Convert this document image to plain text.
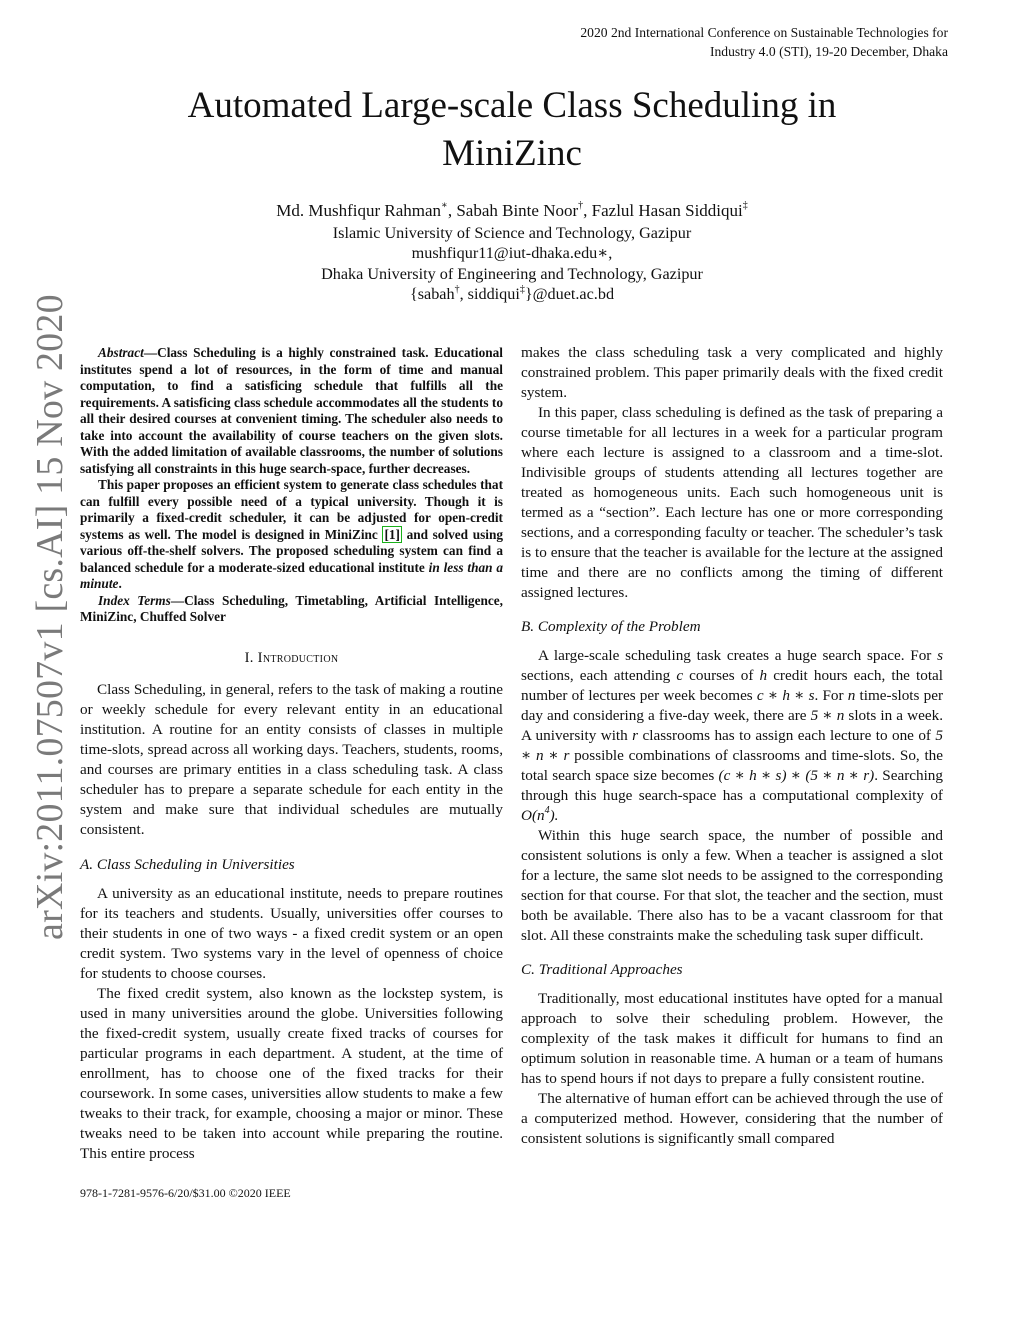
2020 2nd International Conference on Sustainable Technologies for
Industry 4.0 (STI), 19-20 December, Dhaka
Automated Large-scale Class Scheduling in
MiniZinc
Md. Mushfiqur Rahman∗, Sabah Binte Noor†, Fazlul Hasan Siddiqui‡
Islamic University of Science and Technology, Gazipur
mushfiqur11@iut-dhaka.edu∗,
Dhaka University of Engineering and Technology, Gazipur
{sabah†, siddiqui‡}@duet.ac.bd
arXiv:2011.07507v1 [cs.AI] 15 Nov 2020	Abstract—Class Scheduling is a highly constrained task. Educational institutes spend a lot of resources, in the form of time and manual computation, to find a satisficing schedule that fulfills all the requirements. A satisficing class schedule accommodates all the students to all their desired courses at convenient timing. The scheduler also needs to take into account the availability of course teachers on the given slots. With the added limitation of available classrooms, the number of solutions satisfying all constraints in this huge search-space, further decreases.

This paper proposes an efficient system to generate class schedules that can fulfill every possible need of a typical university. Though it is primarily a fixed-credit scheduler, it can be adjusted for open-credit systems as well. The model is designed in MiniZinc [1] and solved using various off-the-shelf solvers. The proposed scheduling system can find a balanced schedule for a moderate-sized educational institute in less than a minute.

Index Terms—Class Scheduling, Timetabling, Artificial Intelligence, MiniZinc, Chuffed Solver

I. Introduction

Class Scheduling, in general, refers to the task of making a routine or weekly schedule for every relevant entity in an educational institution. A routine for an entity consists of classes in multiple time-slots, spread across all working days. Teachers, students, rooms, and courses are primary entities in a class scheduling task. A class scheduler has to prepare a separate schedule for each entity in the system and make sure that individual schedules are mutually consistent.

A. Class Scheduling in Universities

A university as an educational institute, needs to prepare routines for its teachers and students. Usually, universities offer courses to their students in one of two ways - a fixed credit system or an open credit system. Two systems vary in the level of openness of choice for students to choose courses.

The fixed credit system, also known as the lockstep system, is used in many universities around the globe. Universities following the fixed-credit system, usually create fixed tracks of courses for particular programs in each department. A student, at the time of enrollment, has to choose one of the fixed tracks for their coursework. In some cases, universities allow students to make a few tweaks to their track, for example, choosing a major or minor. These tweaks need to be taken into account while preparing the routine. This entire process

makes the class scheduling task a very complicated and highly constrained problem. This paper primarily deals with the fixed credit system.

In this paper, class scheduling is defined as the task of preparing a course timetable for all lectures in a week for a particular program where each lecture is assigned to a classroom and a time-slot. Indivisible groups of students attending all lectures together are treated as homogeneous units. Each such homogeneous unit is termed as a “section”. Each lecture has one or more corresponding sections, and a corresponding faculty or teacher. The scheduler’s task is to ensure that the teacher is available for the lecture at the assigned time and there are no conflicts among the timing of different assigned lectures.

B. Complexity of the Problem

A large-scale scheduling task creates a huge search space. For s sections, each attending c courses of h credit hours each, the total number of lectures per week becomes c ∗ h ∗ s. For n time-slots per day and considering a five-day week, there are 5 ∗ n slots in a week. A university with r classrooms has to assign each lecture to one of 5 ∗ n ∗ r possible combinations of classrooms and time-slots. So, the total search space size becomes (c ∗ h ∗ s) ∗ (5 ∗ n ∗ r). Searching through this huge search-space has a computational complexity of $O(n^4)$.

Within this huge search space, the number of possible and consistent solutions is only a few. When a teacher is assigned a slot for a lecture, the same slot needs to be assigned to the corresponding section for that course. For that slot, the teacher and the section, must both be available. There also has to be a vacant classroom for that slot. All these constraints make the scheduling task super difficult.

C. Traditional Approaches

Traditionally, most educational institutes have opted for a manual approach to solve their scheduling problem. However, the complexity of the task makes it difficult for humans to find an optimum solution in reasonable time. A human or a team of humans has to spend hours if not days to prepare a fully consistent routine.

The alternative of human effort can be achieved through the use of a computerized method. However, considering that the number of consistent solutions is significantly small compared

978-1-7281-9576-6/20/$31.00 ©2020 IEEE
